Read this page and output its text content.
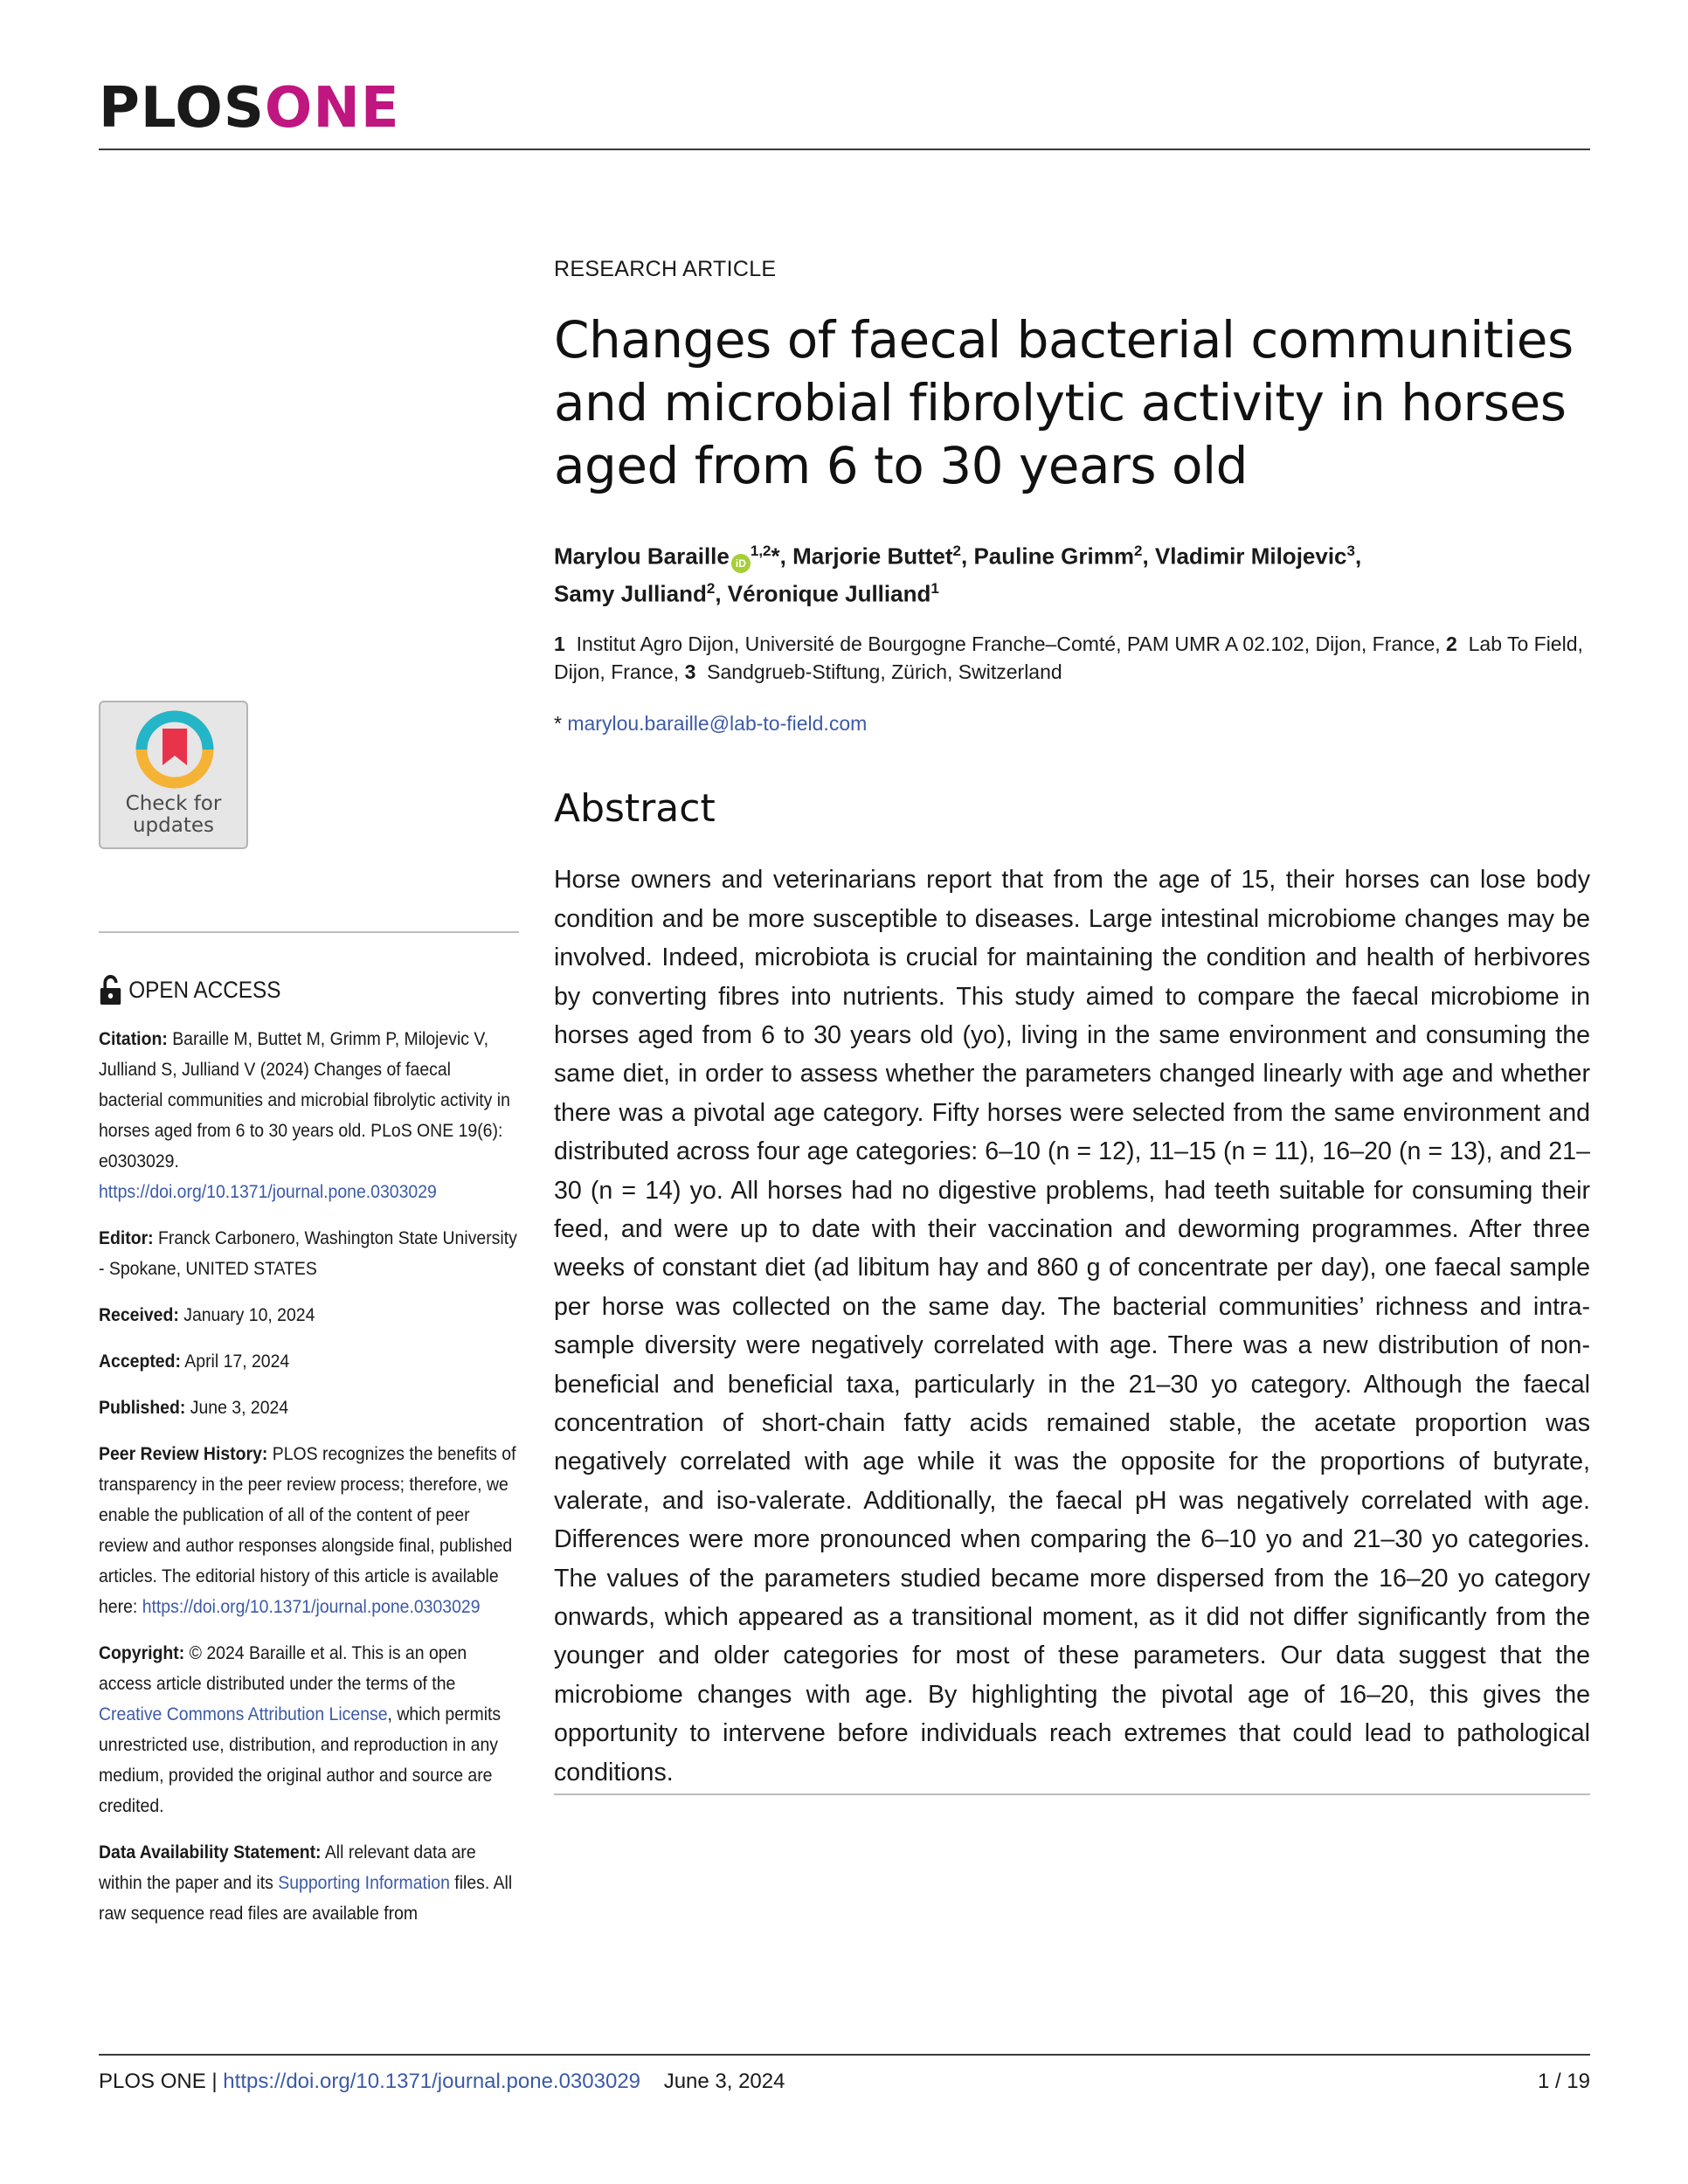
PLOSONE

RESEARCH ARTICLE

Changes of faecal bacterial communities and microbial fibrolytic activity in horses aged from 6 to 30 years old
Marylou Baraille iD$^{1,2}$*, Marjorie Buttet$^2$, Pauline Grimm$^2$, Vladimir Milojevic$^3$,
Samy Julliand$^2$, Véronique Julliand$^1$
1 Institut Agro Dijon, Université de Bourgogne Franche–Comté, PAM UMR A 02.102, Dijon, France, 2 Lab To Field, Dijon, France, 3 Sandgrueb-Stiftung, Zürich, Switzerland
* marylou.baraille@lab-to-field.com
Abstract

Horse owners and veterinarians report that from the age of 15, their horses can lose body condition and be more susceptible to diseases. Large intestinal microbiome changes may be involved. Indeed, microbiota is crucial for maintaining the condition and health of herbivores by converting fibres into nutrients. This study aimed to compare the faecal microbiome in horses aged from 6 to 30 years old (yo), living in the same environment and consuming the same diet, in order to assess whether the parameters changed linearly with age and whether there was a pivotal age category. Fifty horses were selected from the same environment and distributed across four age categories: 6–10 (n = 12), 11–15 (n = 11), 16–20 (n = 13), and 21–30 (n = 14) yo. All horses had no digestive problems, had teeth suitable for consuming their feed, and were up to date with their vaccination and deworming programmes. After three weeks of constant diet (ad libitum hay and 860 g of concentrate per day), one faecal sample per horse was collected on the same day. The bacterial communities’ richness and intra-sample diversity were negatively correlated with age. There was a new distribution of non-beneficial and beneficial taxa, particularly in the 21–30 yo category. Although the faecal concentration of short-chain fatty acids remained stable, the acetate proportion was negatively correlated with age while it was the opposite for the proportions of butyrate, valerate, and iso-valerate. Additionally, the faecal pH was negatively correlated with age. Differences were more pronounced when comparing the 6–10 yo and 21–30 yo categories. The values of the parameters studied became more dispersed from the 16–20 yo category onwards, which appeared as a transitional moment, as it did not differ significantly from the younger and older categories for most of these parameters. Our data suggest that the microbiome changes with age. By highlighting the pivotal age of 16–20, this gives the opportunity to intervene before individuals reach extremes that could lead to pathological conditions.

Check for
updates
OPEN ACCESS
Citation: Baraille M, Buttet M, Grimm P, Milojevic V, Julliand S, Julliand V (2024) Changes of faecal bacterial communities and microbial fibrolytic activity in horses aged from 6 to 30 years old. PLoS ONE 19(6): e0303029. https://doi.org/10.1371/journal.pone.0303029
Editor: Franck Carbonero, Washington State University - Spokane, UNITED STATES
Received: January 10, 2024
Accepted: April 17, 2024
Published: June 3, 2024
Peer Review History: PLOS recognizes the benefits of transparency in the peer review process; therefore, we enable the publication of all of the content of peer review and author responses alongside final, published articles. The editorial history of this article is available here: https://doi.org/10.1371/journal.pone.0303029
Copyright: © 2024 Baraille et al. This is an open access article distributed under the terms of the Creative Commons Attribution License, which permits unrestricted use, distribution, and reproduction in any medium, provided the original author and source are credited.
Data Availability Statement: All relevant data are within the paper and its Supporting Information files. All raw sequence read files are available from
PLOS ONE | https://doi.org/10.1371/journal.pone.0303029 June 3, 2024	1 / 19
